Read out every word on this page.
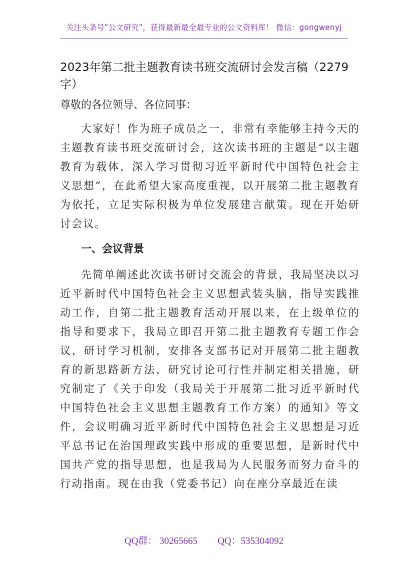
关注头条号"公文研究"，获得最新最全最专业的公文资料库！ 微信：gongwenyj
2023年第二批主题教育读书班交流研讨会发言稿（2279字）
尊敬的各位领导、各位同事：

大家好！作为班子成员之一，非常有幸能够主持今天的主题教育读书班交流研讨会，这次读书班的主题是“以主题教育为载体，深入学习贯彻习近平新时代中国特色社会主义思想”，在此希望大家高度重视，以开展第二批主题教育为依托，立足实际积极为单位发展建言献策。现在开始研讨会议。

一、会议背景

先简单阐述此次读书研讨交流会的背景，我局坚决以习近平新时代中国特色社会主义思想武装头脑，指导实践推动工作，自第二批主题教育活动开展以来，在上级单位的指导和要求下，我局立即召开第二批主题教育专题工作会议，研讨学习机制，安排各支部书记对开展第二批主题教育的新思路新方法，研究讨论可行性并制定相关措施，研究制定了《关于印发（我局关于开展第二批习近平新时代中国特色社会主义思想主题教育工作方案）的通知》等文件，会议明确习近平新时代中国特色社会主义思想是习近平总书记在治国理政实践中形成的重要思想，是新时代中国共产党的指导思想，也是我局为人民服务而努力奋斗的行动指南。现在由我（党委书记）向在座分享最近在读

QQ群： 30265665 QQ：535304092
